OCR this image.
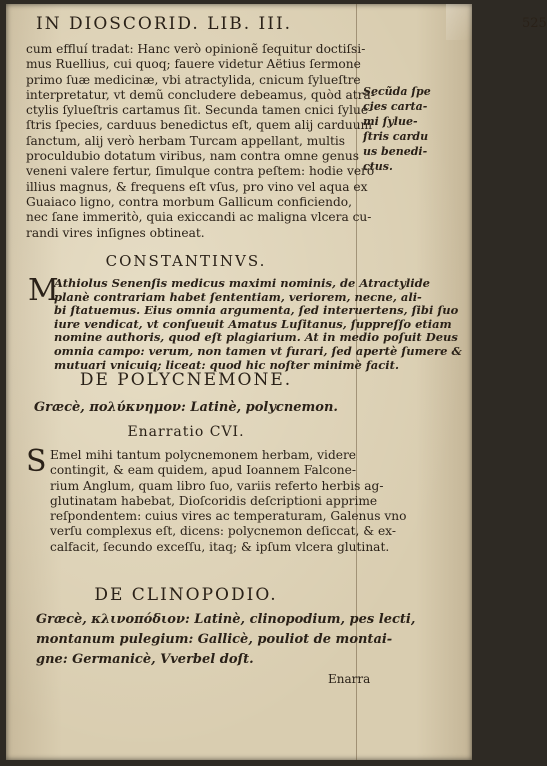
IN DIOSCORID. LIB. III.	525
cum effluí tradat: Hanc verò opinionẽ ſequitur doctiſsi-
mus Ruellius, cui quoq; fauere videtur Aëtius ſermone
primo ſuæ medicinæ, vbi atractylida, cnicum ſylueſtre
interpretatur, vt demũ concludere debeamus, quòd atra-
ctylis ſylueſtris cartamus ſit. Secunda tamen cnici ſylue-
ſtris ſpecies, carduus benedictus eſt, quem alij carduum
ſanctum, alij verò herbam Turcam appellant, multis
proculdubio dotatum viribus, nam contra omne genus
veneni valere fertur, ſimulque contra peſtem: hodie verò
illius magnus, & frequens eſt vſus, pro vino vel aqua ex
Guaiaco ligno, contra morbum Gallicum conficiendo,
nec ſane immeritò, quia exiccandi ac maligna vlcera cu-
randi vires inſignes obtineat.
Secũda ſpe
cies carta-
mi ſylue-
ſtris cardu
us benedi-
ctus.
CONSTANTINVS.
M
Athiolus Senenſis medicus maximi nominis, de Atractylide
planè contrariam habet ſententiam, veriorem, necne, ali-
bi ſtatuemus. Eius omnia argumenta, ſed interuertens, ſibi ſuo
iure vendicat, vt conſueuit Amatus Luſitanus, ſuppreſſo etiam
nomine authoris, quod eſt plagiarium. At in medio poſuit Deus
omnia campo: verum, non tamen vt furari, ſed apertè ſumere &
mutuari vnicuiq; liceat: quod hic noſter minimè facit.
DE POLYCNEMONE.
Græcè, πολύκνημον: Latinè, polycnemon.
Enarratio CVI.
S Emel mihi tantum polycnemonem herbam, videre
contingit, & eam quidem, apud Ioannem Falcone-
rium Anglum, quam libro ſuo, variis referto herbis ag-
glutinatam habebat, Dioſcoridis deſcriptioni apprime
reſpondentem: cuius vires ac temperaturam, Galenus vno
verſu complexus eſt, dicens: polycnemon deſiccat, & ex-
calfacit, ſecundo exceſſu, itaq; & ipſum vlcera glutinat.
DE CLINOPODIO.
Græcè, κλινοπόδιον: Latinè, clinopodium, pes lecti,
montanum pulegium: Gallicè, pouliot de montai-
gne: Germanicè, Vverbel doſt.
Enarra
